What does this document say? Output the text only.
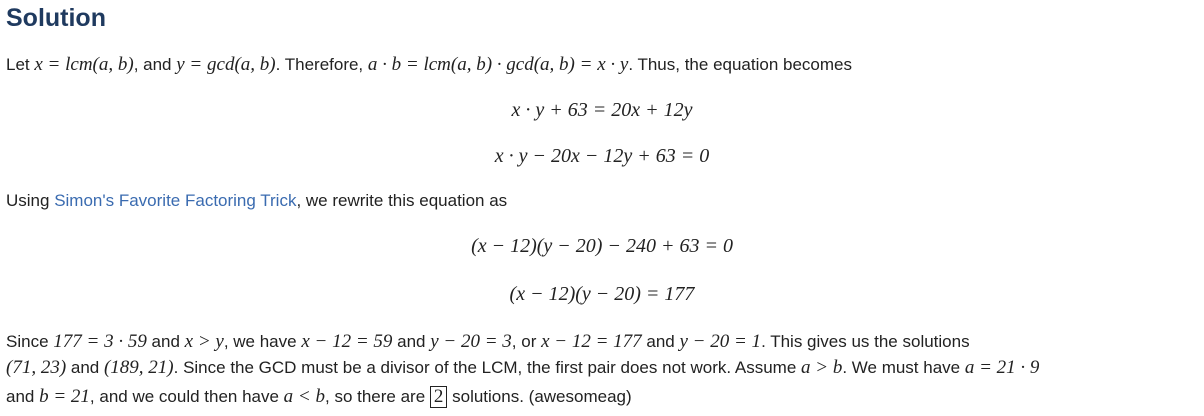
Solution
Let x = lcm(a, b), and y = gcd(a, b). Therefore, a · b = lcm(a, b) · gcd(a, b) = x · y. Thus, the equation becomes
x · y + 63 = 20x + 12y
x · y − 20x − 12y + 63 = 0
Using Simon's Favorite Factoring Trick, we rewrite this equation as
(x − 12)(y − 20) − 240 + 63 = 0
(x − 12)(y − 20) = 177
Since 177 = 3 · 59 and x > y, we have x − 12 = 59 and y − 20 = 3, or x − 12 = 177 and y − 20 = 1. This gives us the solutions
(71, 23) and (189, 21). Since the GCD must be a divisor of the LCM, the first pair does not work. Assume a > b. We must have a = 21 · 9
and b = 21, and we could then have a < b, so there are 2 solutions. (awesomeag)
